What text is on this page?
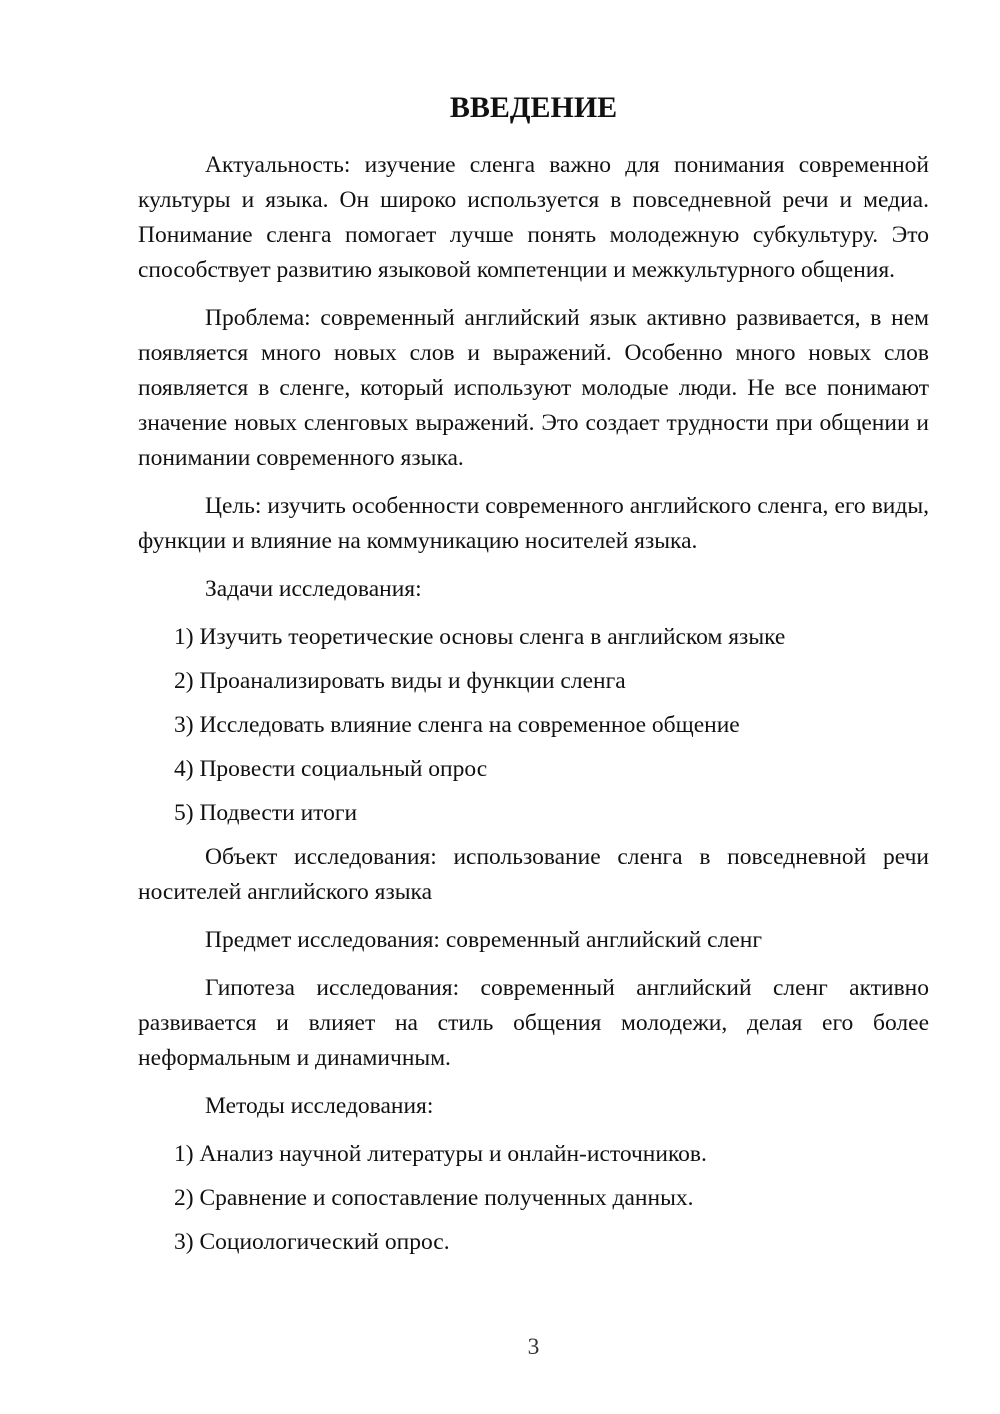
ВВЕДЕНИЕ

Актуальность: изучение сленга важно для понимания современной культуры и языка. Он широко используется в повседневной речи и медиа. Понимание сленга помогает лучше понять молодежную субкультуру. Это способствует развитию языковой компетенции и межкультурного общения.

Проблема: современный английский язык активно развивается, в нем появляется много новых слов и выражений. Особенно много новых слов появляется в сленге, который используют молодые люди. Не все понимают значение новых сленговых выражений. Это создает трудности при общении и понимании современного языка.

Цель: изучить особенности современного английского сленга, его виды, функции и влияние на коммуникацию носителей языка.

Задачи исследования:

1) Изучить теоретические основы сленга в английском языке
2) Проанализировать виды и функции сленга
3) Исследовать влияние сленга на современное общение
4) Провести социальный опрос
5) Подвести итоги

Объект исследования: использование сленга в повседневной речи носителей английского языка

Предмет исследования: современный английский сленг

Гипотеза исследования: современный английский сленг активно развивается и влияет на стиль общения молодежи, делая его более неформальным и динамичным.

Методы исследования:

1) Анализ научной литературы и онлайн-источников.
2) Сравнение и сопоставление полученных данных.
3) Социологический опрос.
3
